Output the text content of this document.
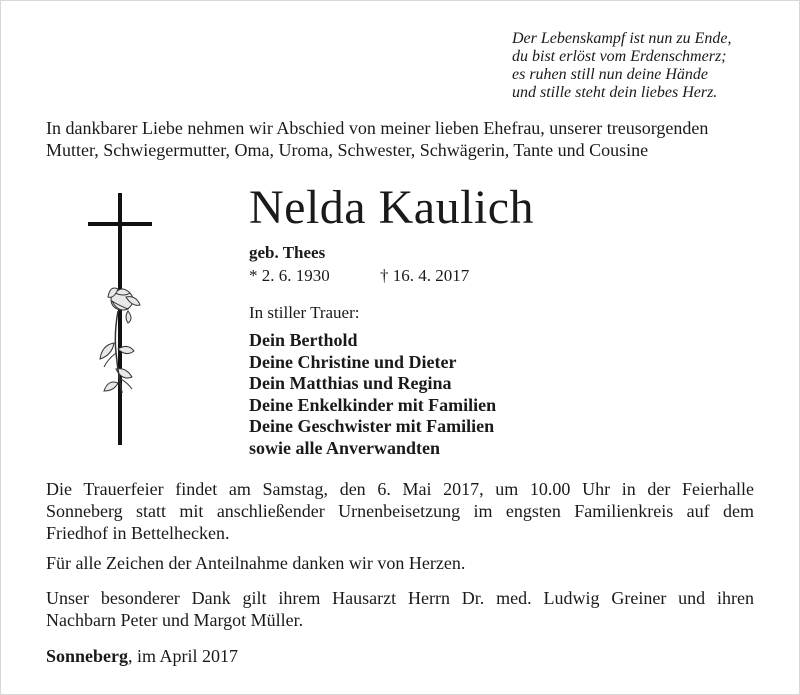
Der Lebenskampf ist nun zu Ende,
du bist erlöst vom Erdenschmerz;
es ruhen still nun deine Hände
und stille steht dein liebes Herz.
In dankbarer Liebe nehmen wir Abschied von meiner lieben Ehefrau, unserer treusorgenden
Mutter, Schwiegermutter, Oma, Uroma, Schwester, Schwägerin, Tante und Cousine
Nelda Kaulich
geb. Thees
* 2. 6. 1930	† 16. 4. 2017
In stiller Trauer:
Dein Berthold
Deine Christine und Dieter
Dein Matthias und Regina
Deine Enkelkinder mit Familien
Deine Geschwister mit Familien
sowie alle Anverwandten
Die Trauerfeier findet am Samstag, den 6. Mai 2017, um 10.00 Uhr in der Feierhalle
Sonneberg statt mit anschließender Urnenbeisetzung im engsten Familienkreis auf dem
Friedhof in Bettelhecken.
Für alle Zeichen der Anteilnahme danken wir von Herzen.
Unser besonderer Dank gilt ihrem Hausarzt Herrn Dr. med. Ludwig Greiner und ihren
Nachbarn Peter und Margot Müller.
Sonneberg, im April 2017
